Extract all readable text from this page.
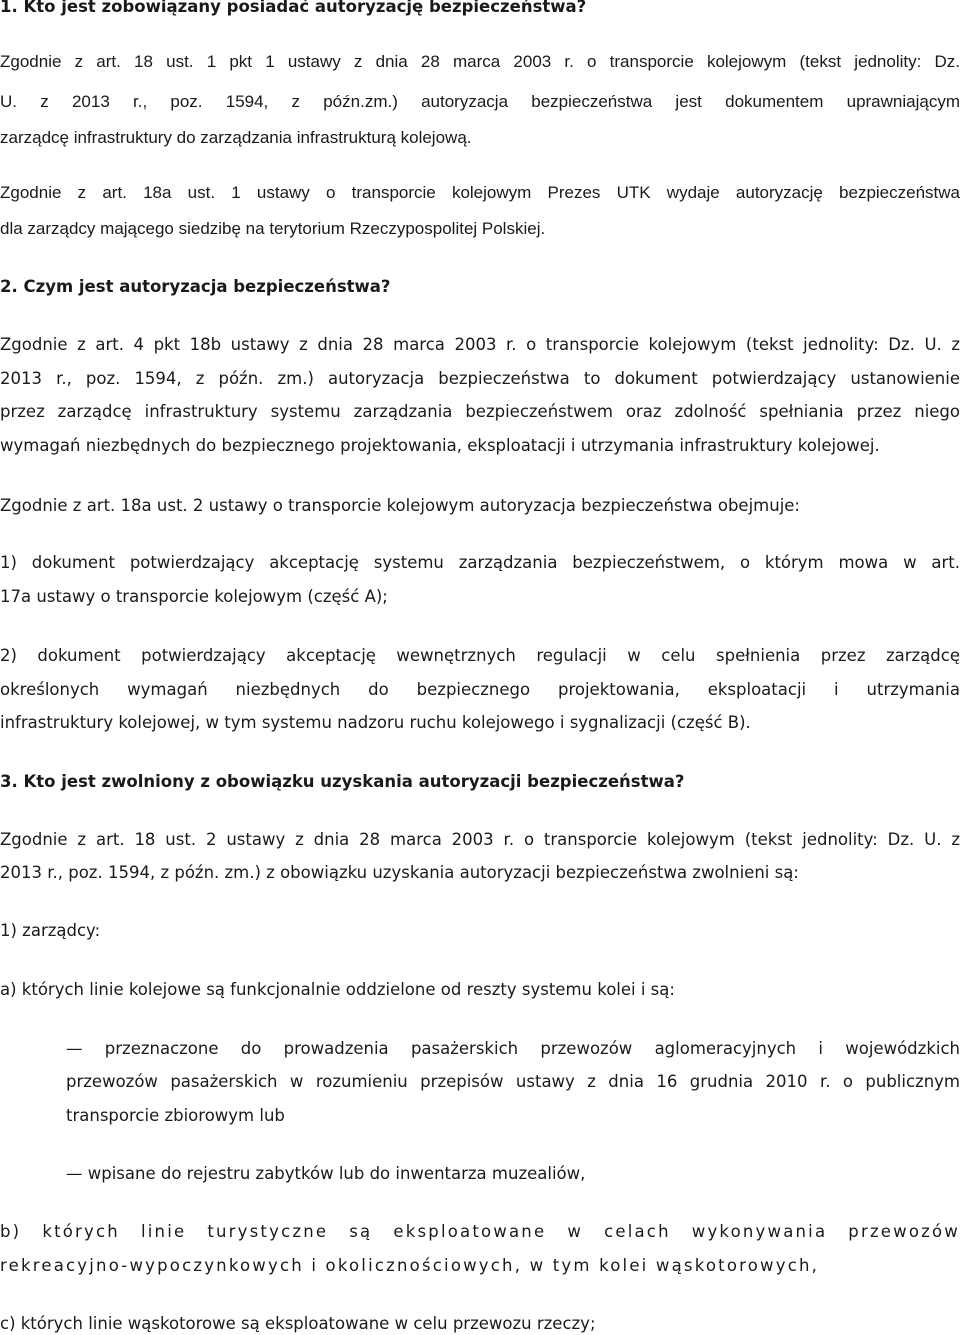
1. Kto jest zobowiązany posiadać autoryzację bezpieczeństwa?
Zgodnie z art. 18 ust. 1 pkt 1 ustawy z dnia 28 marca 2003 r. o transporcie kolejowym (tekst jednolity: Dz.
U. z 2013 r., poz. 1594, z późn.zm.) autoryzacja bezpieczeństwa jest dokumentem uprawniającym
zarządcę infrastruktury do zarządzania infrastrukturą kolejową.
Zgodnie z art. 18a ust. 1 ustawy o transporcie kolejowym Prezes UTK wydaje autoryzację bezpieczeństwa
dla zarządcy mającego siedzibę na terytorium Rzeczypospolitej Polskiej.
2. Czym jest autoryzacja bezpieczeństwa?
Zgodnie z art. 4 pkt 18b ustawy z dnia 28 marca 2003 r. o transporcie kolejowym (tekst jednolity: Dz. U. z
2013 r., poz. 1594, z późn. zm.) autoryzacja bezpieczeństwa to dokument potwierdzający ustanowienie
przez zarządcę infrastruktury systemu zarządzania bezpieczeństwem oraz zdolność spełniania przez niego
wymagań niezbędnych do bezpiecznego projektowania, eksploatacji i utrzymania infrastruktury kolejowej.
Zgodnie z art. 18a ust. 2 ustawy o transporcie kolejowym autoryzacja bezpieczeństwa obejmuje:
1) dokument potwierdzający akceptację systemu zarządzania bezpieczeństwem, o którym mowa w art.
17a ustawy o transporcie kolejowym (część A);
2) dokument potwierdzający akceptację wewnętrznych regulacji w celu spełnienia przez zarządcę
określonych wymagań niezbędnych do bezpiecznego projektowania, eksploatacji i utrzymania
infrastruktury kolejowej, w tym systemu nadzoru ruchu kolejowego i sygnalizacji (część B).
3. Kto jest zwolniony z obowiązku uzyskania autoryzacji bezpieczeństwa?
Zgodnie z art. 18 ust. 2 ustawy z dnia 28 marca 2003 r. o transporcie kolejowym (tekst jednolity: Dz. U. z
2013 r., poz. 1594, z późn. zm.) z obowiązku uzyskania autoryzacji bezpieczeństwa zwolnieni są:
1) zarządcy:
a) których linie kolejowe są funkcjonalnie oddzielone od reszty systemu kolei i są:
— przeznaczone do prowadzenia pasażerskich przewozów aglomeracyjnych i wojewódzkich
przewozów pasażerskich w rozumieniu przepisów ustawy z dnia 16 grudnia 2010 r. o publicznym
transporcie zbiorowym lub
— wpisane do rejestru zabytków lub do inwentarza muzealiów,
b) których linie turystyczne są eksploatowane w celach wykonywania przewozów
rekreacyjno-wypoczynkowych i okolicznościowych, w tym kolei wąskotorowych,
c) których linie wąskotorowe są eksploatowane w celu przewozu rzeczy;
